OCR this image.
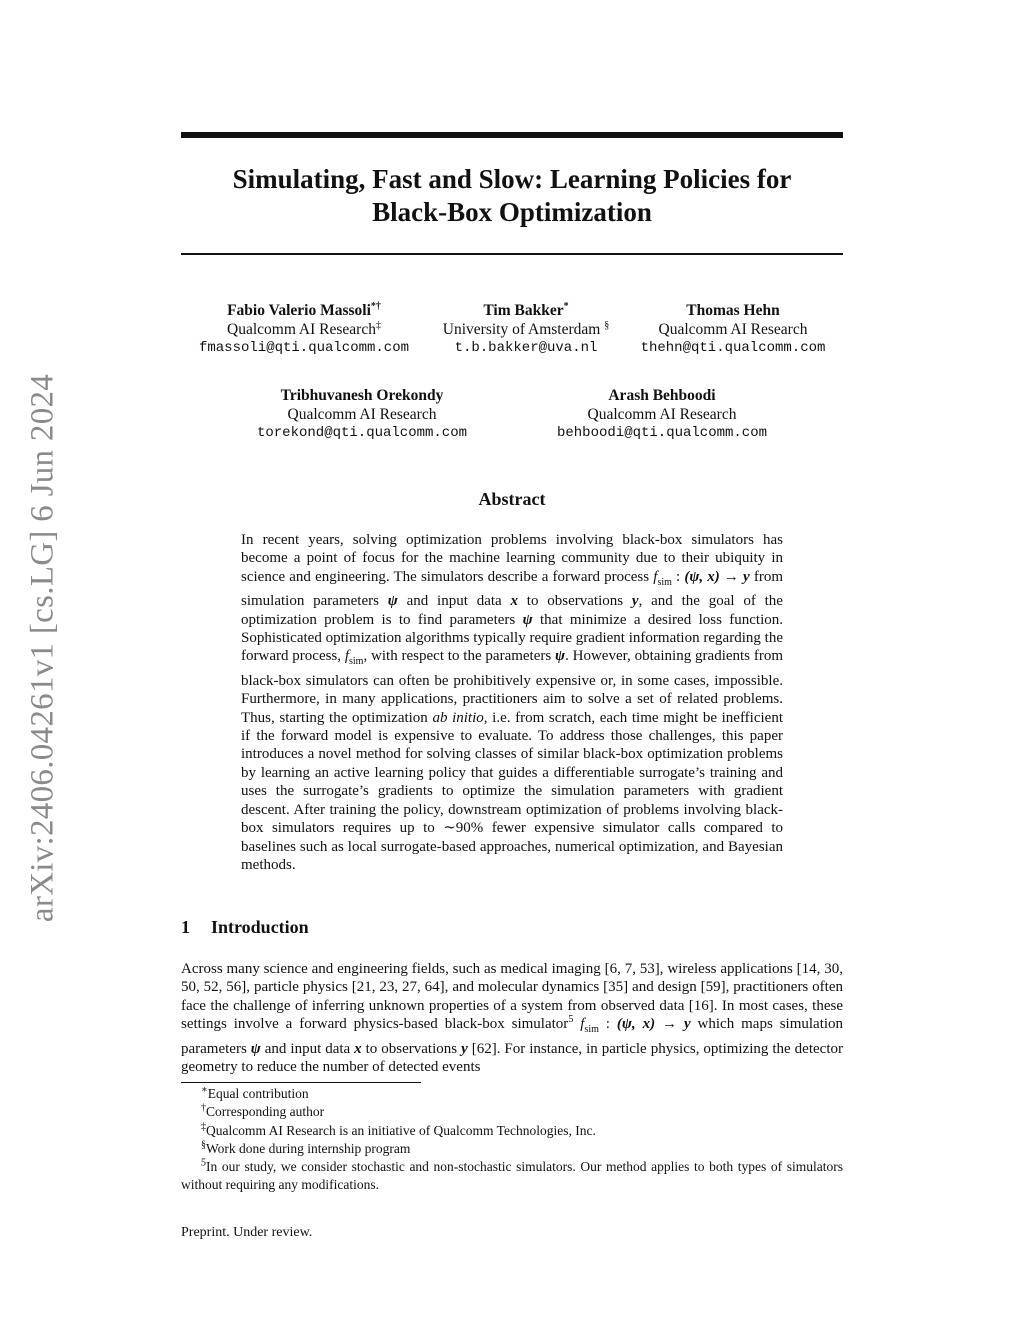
arXiv:2406.04261v1 [cs.LG] 6 Jun 2024
Simulating, Fast and Slow: Learning Policies for
Black-Box Optimization
Fabio Valerio Massoli*†
Qualcomm AI Research‡
fmassoli@qti.qualcomm.com
Tim Bakker*
University of Amsterdam §
t.b.bakker@uva.nl
Thomas Hehn
Qualcomm AI Research
thehn@qti.qualcomm.com
Tribhuvanesh Orekondy
Qualcomm AI Research
torekond@qti.qualcomm.com
Arash Behboodi
Qualcomm AI Research
behboodi@qti.qualcomm.com
Abstract
In recent years, solving optimization problems involving black-box simulators has become a point of focus for the machine learning community due to their ubiquity in science and engineering. The simulators describe a forward process $f_{sim}$ : (ψ, x) → y from simulation parameters ψ and input data x to observations y, and the goal of the optimization problem is to find parameters ψ that minimize a desired loss function. Sophisticated optimization algorithms typically require gradient information regarding the forward process, $f_{sim}$, with respect to the parameters ψ. However, obtaining gradients from black-box simulators can often be prohibitively expensive or, in some cases, impossible. Furthermore, in many applications, practitioners aim to solve a set of related problems. Thus, starting the optimization ab initio, i.e. from scratch, each time might be inefficient if the forward model is expensive to evaluate. To address those challenges, this paper introduces a novel method for solving classes of similar black-box optimization problems by learning an active learning policy that guides a differentiable surrogate’s training and uses the surrogate’s gradients to optimize the simulation parameters with gradient descent. After training the policy, downstream optimization of problems involving black-box simulators requires up to ∼90% fewer expensive simulator calls compared to baselines such as local surrogate-based approaches, numerical optimization, and Bayesian methods.
1 Introduction
Across many science and engineering fields, such as medical imaging [6, 7, 53], wireless applications [14, 30, 50, 52, 56], particle physics [21, 23, 27, 64], and molecular dynamics [35] and design [59], practitioners often face the challenge of inferring unknown properties of a system from observed data [16]. In most cases, these settings involve a forward physics-based black-box simulator$^5$ $f_{sim}$ : (ψ, x) → y which maps simulation parameters ψ and input data x to observations y [62]. For instance, in particle physics, optimizing the detector geometry to reduce the number of detected events
∗Equal contribution
†Corresponding author
‡Qualcomm AI Research is an initiative of Qualcomm Technologies, Inc.
§Work done during internship program
$^5$In our study, we consider stochastic and non-stochastic simulators. Our method applies to both types of simulators without requiring any modifications.
Preprint. Under review.
